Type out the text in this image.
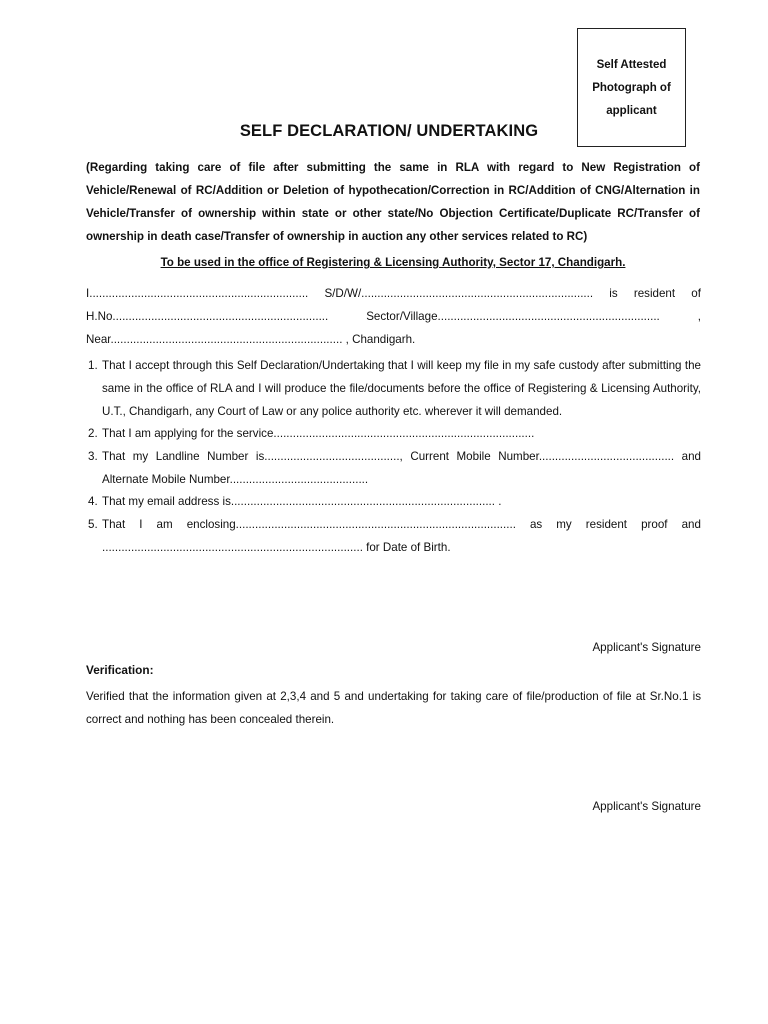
Self Attested
Photograph of
applicant
SELF DECLARATION/ UNDERTAKING
(Regarding taking care of file after submitting the same in RLA with regard to New Registration of Vehicle/Renewal of RC/Addition or Deletion of hypothecation/Correction in RC/Addition of CNG/Alternation in Vehicle/Transfer of ownership within state or other state/No Objection Certificate/Duplicate RC/Transfer of ownership in death case/Transfer of ownership in auction any other services related to RC)
To be used in the office of Registering & Licensing Authority, Sector 17, Chandigarh.
I.................................................................... S/D/W/........................................................................ is resident of
H.No...................................................................	Sector/Village.....................................................................	,
Near........................................................................ , Chandigarh.
1. That I accept through this Self Declaration/Undertaking that I will keep my file in my safe custody after submitting the same in the office of RLA and I will produce the file/documents before the office of Registering & Licensing Authority, U.T., Chandigarh, any Court of Law or any police authority etc. wherever it will demanded.
2. That I am applying for the service.................................................................................
3. That my Landline Number is.........................................., Current Mobile Number.......................................... and Alternate Mobile Number...........................................
4. That my email address is.................................................................................. .
5. That I am enclosing....................................................................................... as my resident proof and
................................................................................. for Date of Birth.
Applicant's Signature
Verification:
Verified that the information given at 2,3,4 and 5 and undertaking for taking care of file/production of file at Sr.No.1 is correct and nothing has been concealed therein.
Applicant's Signature
